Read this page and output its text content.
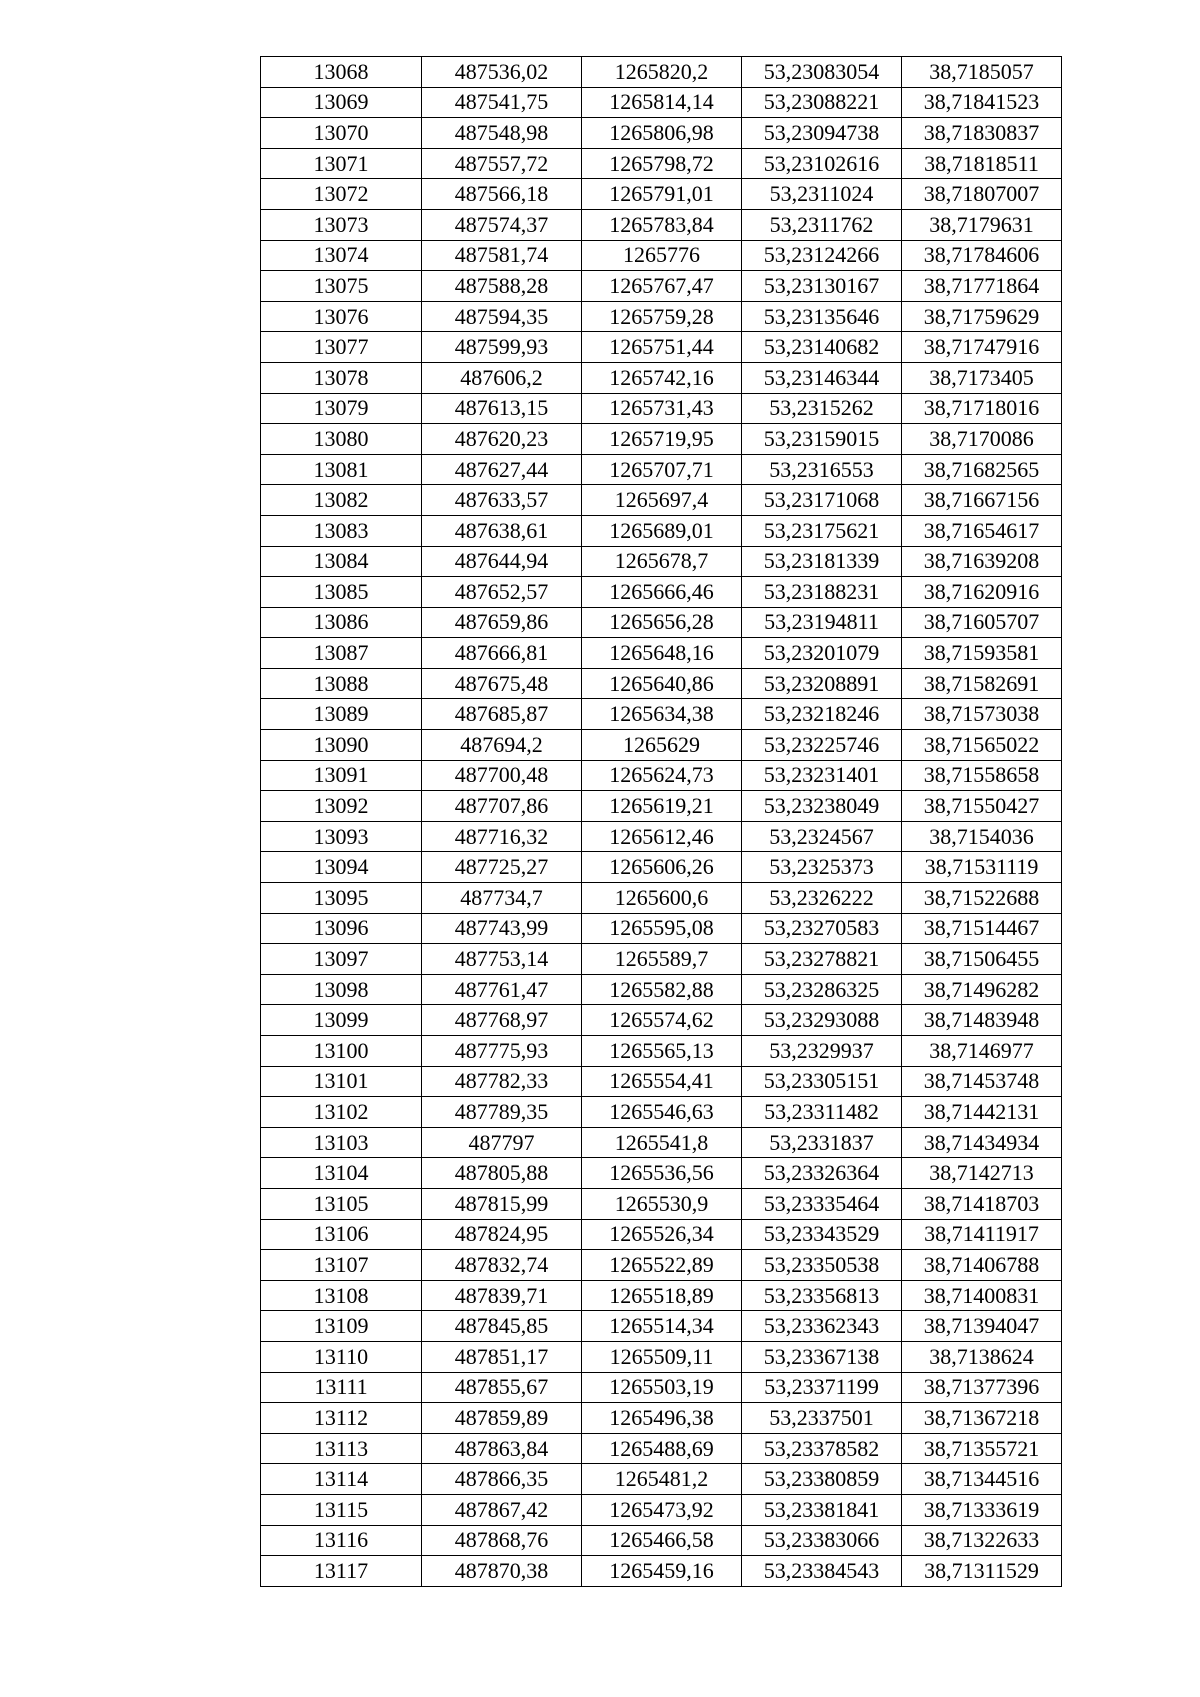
13068	487536,02	1265820,2	53,23083054	38,7185057
13069	487541,75	1265814,14	53,23088221	38,71841523
13070	487548,98	1265806,98	53,23094738	38,71830837
13071	487557,72	1265798,72	53,23102616	38,71818511
13072	487566,18	1265791,01	53,2311024	38,71807007
13073	487574,37	1265783,84	53,2311762	38,7179631
13074	487581,74	1265776	53,23124266	38,71784606
13075	487588,28	1265767,47	53,23130167	38,71771864
13076	487594,35	1265759,28	53,23135646	38,71759629
13077	487599,93	1265751,44	53,23140682	38,71747916
13078	487606,2	1265742,16	53,23146344	38,7173405
13079	487613,15	1265731,43	53,2315262	38,71718016
13080	487620,23	1265719,95	53,23159015	38,7170086
13081	487627,44	1265707,71	53,2316553	38,71682565
13082	487633,57	1265697,4	53,23171068	38,71667156
13083	487638,61	1265689,01	53,23175621	38,71654617
13084	487644,94	1265678,7	53,23181339	38,71639208
13085	487652,57	1265666,46	53,23188231	38,71620916
13086	487659,86	1265656,28	53,23194811	38,71605707
13087	487666,81	1265648,16	53,23201079	38,71593581
13088	487675,48	1265640,86	53,23208891	38,71582691
13089	487685,87	1265634,38	53,23218246	38,71573038
13090	487694,2	1265629	53,23225746	38,71565022
13091	487700,48	1265624,73	53,23231401	38,71558658
13092	487707,86	1265619,21	53,23238049	38,71550427
13093	487716,32	1265612,46	53,2324567	38,7154036
13094	487725,27	1265606,26	53,2325373	38,71531119
13095	487734,7	1265600,6	53,2326222	38,71522688
13096	487743,99	1265595,08	53,23270583	38,71514467
13097	487753,14	1265589,7	53,23278821	38,71506455
13098	487761,47	1265582,88	53,23286325	38,71496282
13099	487768,97	1265574,62	53,23293088	38,71483948
13100	487775,93	1265565,13	53,2329937	38,7146977
13101	487782,33	1265554,41	53,23305151	38,71453748
13102	487789,35	1265546,63	53,23311482	38,71442131
13103	487797	1265541,8	53,2331837	38,71434934
13104	487805,88	1265536,56	53,23326364	38,7142713
13105	487815,99	1265530,9	53,23335464	38,71418703
13106	487824,95	1265526,34	53,23343529	38,71411917
13107	487832,74	1265522,89	53,23350538	38,71406788
13108	487839,71	1265518,89	53,23356813	38,71400831
13109	487845,85	1265514,34	53,23362343	38,71394047
13110	487851,17	1265509,11	53,23367138	38,7138624
13111	487855,67	1265503,19	53,23371199	38,71377396
13112	487859,89	1265496,38	53,2337501	38,71367218
13113	487863,84	1265488,69	53,23378582	38,71355721
13114	487866,35	1265481,2	53,23380859	38,71344516
13115	487867,42	1265473,92	53,23381841	38,71333619
13116	487868,76	1265466,58	53,23383066	38,71322633
13117	487870,38	1265459,16	53,23384543	38,71311529
